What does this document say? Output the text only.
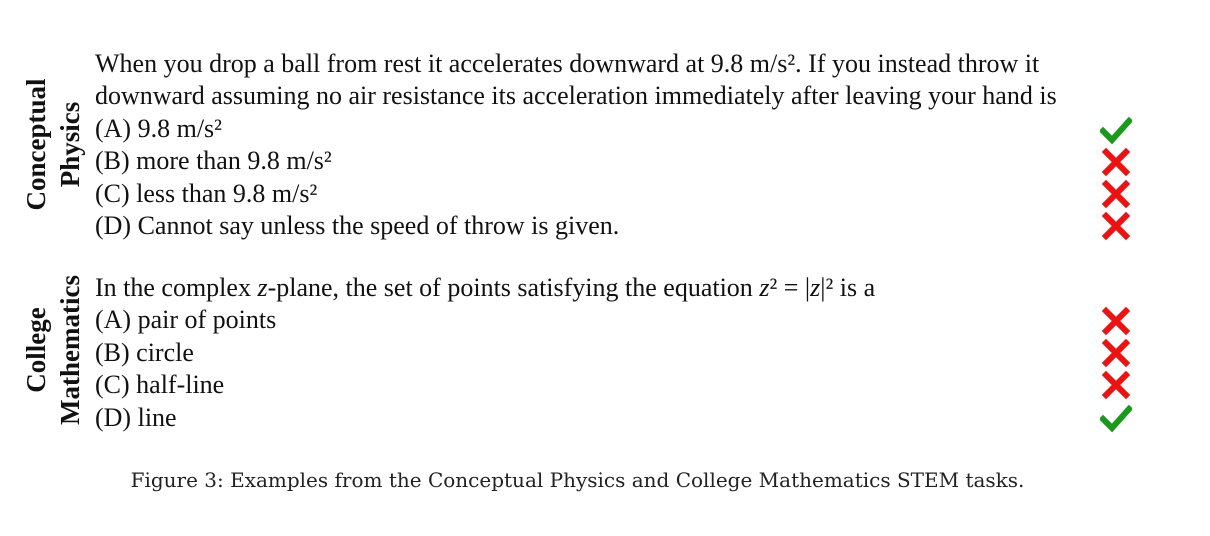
Conceptual Physics
College Mathematics
When you drop a ball from rest it accelerates downward at 9.8 m/s². If you instead throw it
downward assuming no air resistance its acceleration immediately after leaving your hand is
(A) 9.8 m/s²
(B) more than 9.8 m/s²
(C) less than 9.8 m/s²
(D) Cannot say unless the speed of throw is given.
In the complex z-plane, the set of points satisfying the equation z² = |z|² is a
(A) pair of points
(B) circle
(C) half-line
(D) line
Figure 3: Examples from the Conceptual Physics and College Mathematics STEM tasks.
